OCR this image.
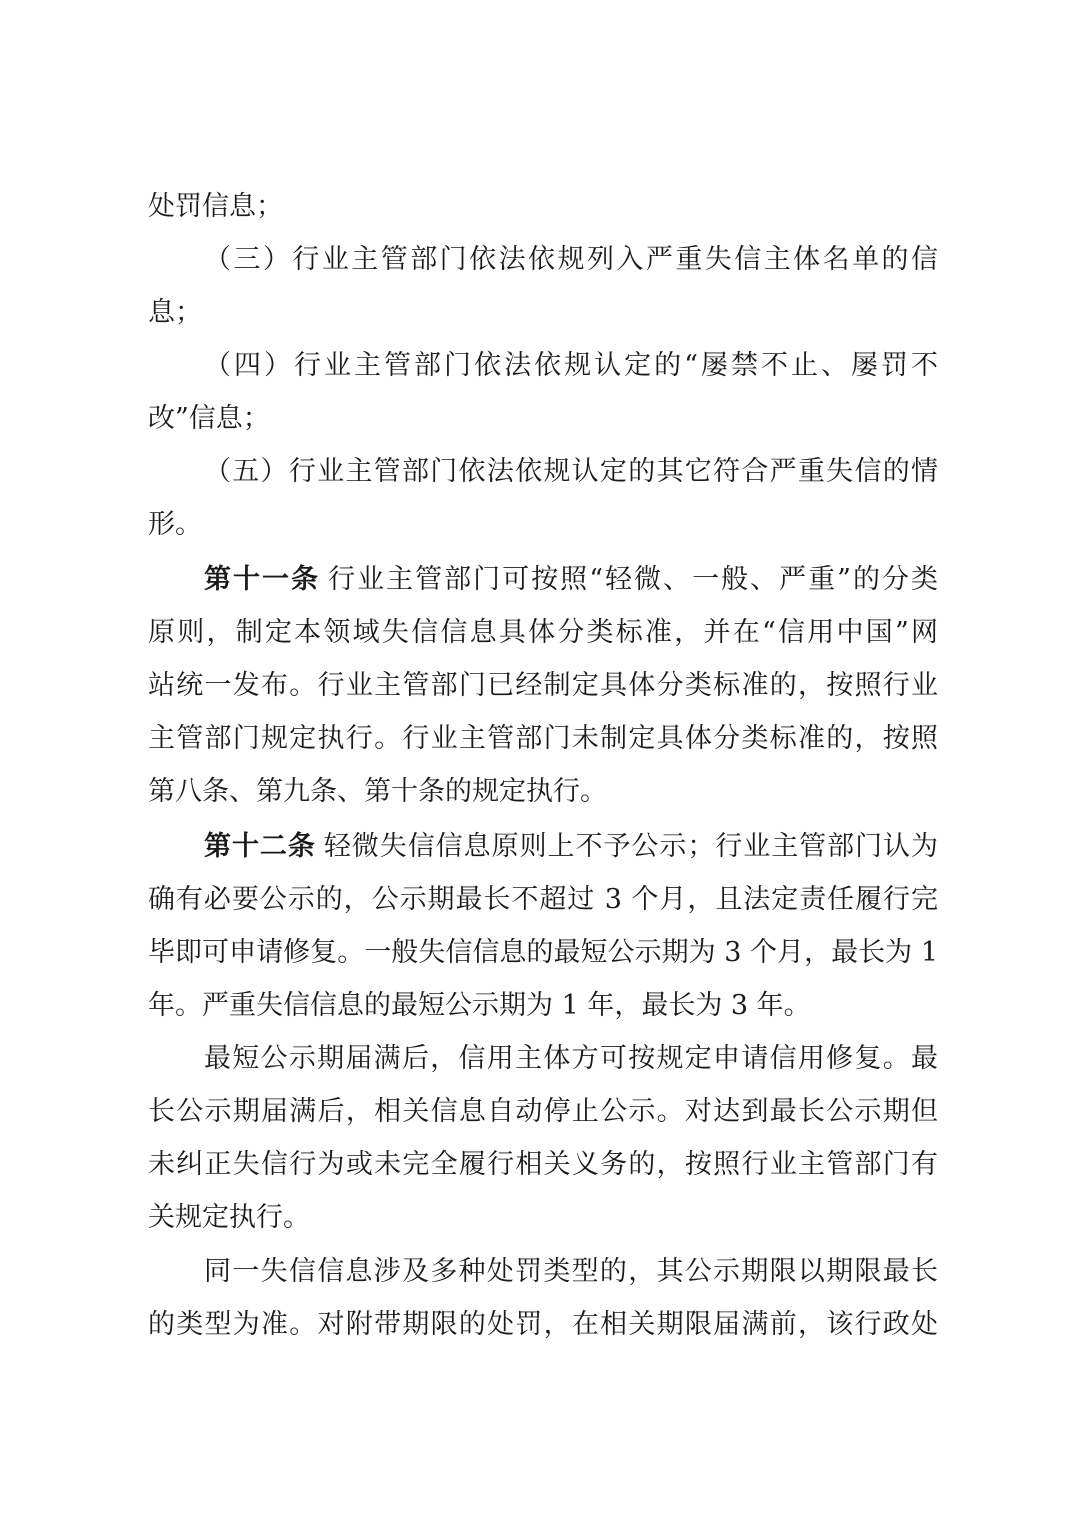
处罚信息；
（三）行业主管部门依法依规列入严重失信主体名单的信
息；
（四）行业主管部门依法依规认定的“屡禁不止、屡罚不
改”信息；
（五）行业主管部门依法依规认定的其它符合严重失信的情
形。
第十一条 行业主管部门可按照“轻微、一般、严重”的分类
原则，制定本领域失信信息具体分类标准，并在“信用中国”网
站统一发布。行业主管部门已经制定具体分类标准的，按照行业
主管部门规定执行。行业主管部门未制定具体分类标准的，按照
第八条、第九条、第十条的规定执行。
第十二条 轻微失信信息原则上不予公示；行业主管部门认为
确有必要公示的，公示期最长不超过 3 个月，且法定责任履行完
毕即可申请修复。一般失信信息的最短公示期为 3 个月，最长为 1
年。严重失信信息的最短公示期为 1 年，最长为 3 年。
最短公示期届满后，信用主体方可按规定申请信用修复。最
长公示期届满后，相关信息自动停止公示。对达到最长公示期但
未纠正失信行为或未完全履行相关义务的，按照行业主管部门有
关规定执行。
同一失信信息涉及多种处罚类型的，其公示期限以期限最长
的类型为准。对附带期限的处罚，在相关期限届满前，该行政处
